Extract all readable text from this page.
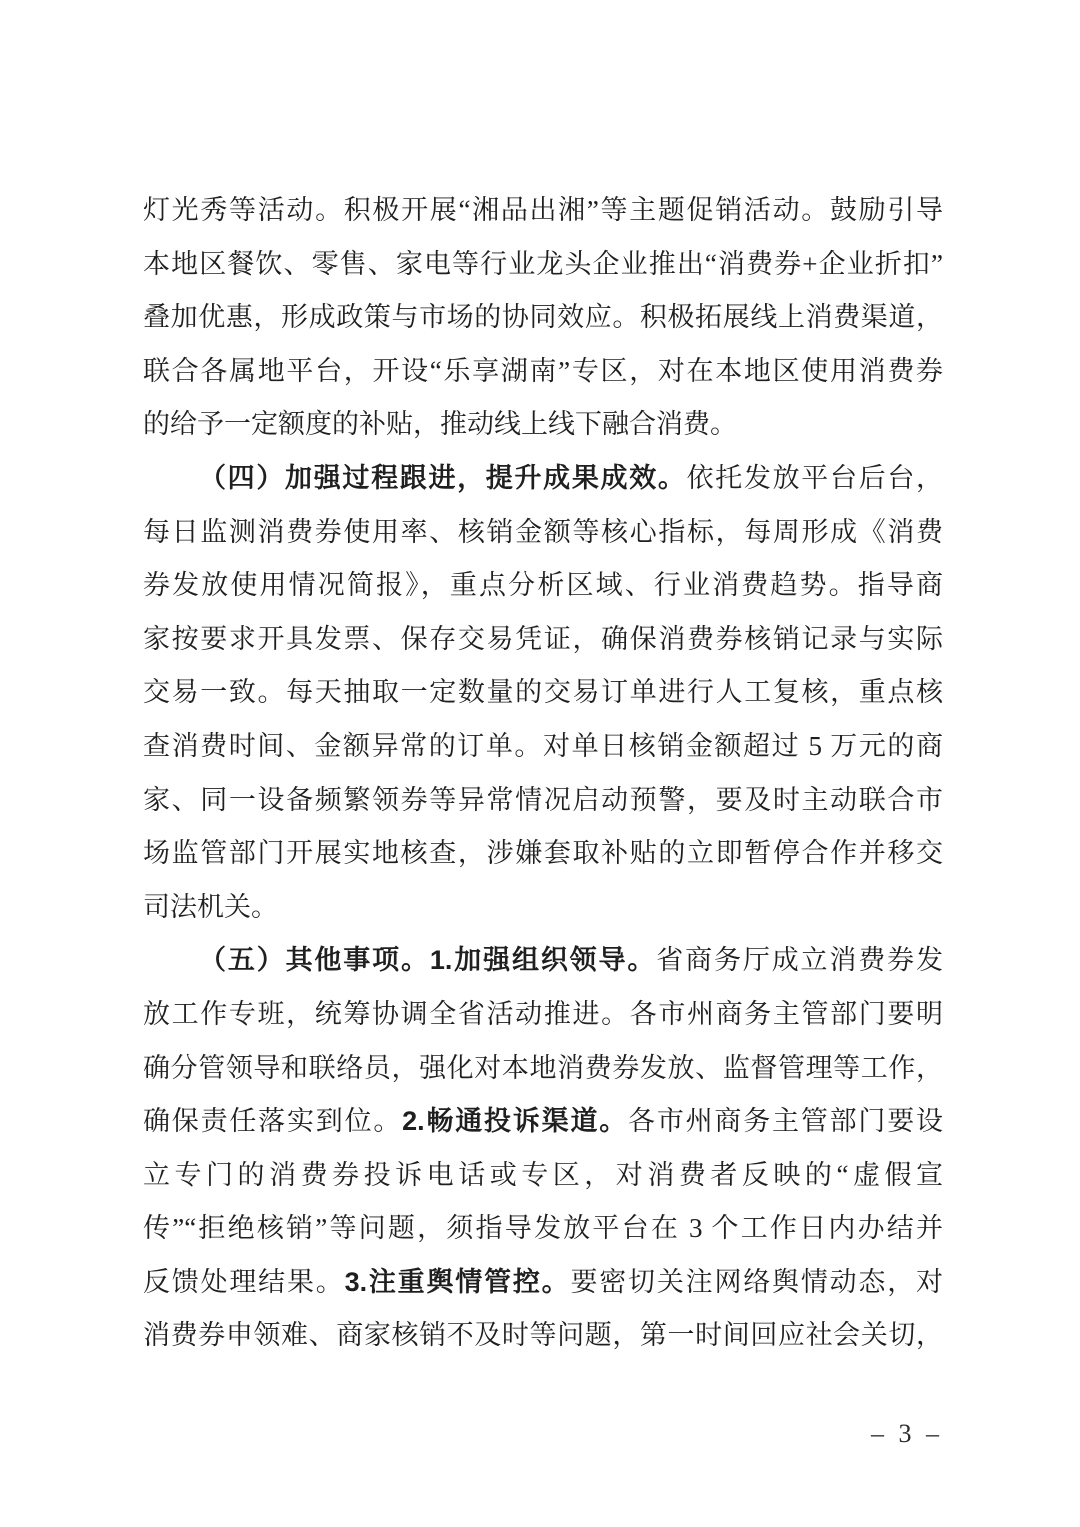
灯光秀等活动。积极开展“湘品出湘”等主题促销活动。鼓励引导
本地区餐饮、零售、家电等行业龙头企业推出“消费券+企业折扣”
叠加优惠，形成政策与市场的协同效应。积极拓展线上消费渠道，
联合各属地平台，开设“乐享湖南”专区，对在本地区使用消费券
的给予一定额度的补贴，推动线上线下融合消费。
（四）加强过程跟进，提升成果成效。依托发放平台后台，
每日监测消费券使用率、核销金额等核心指标，每周形成《消费
券发放使用情况简报》，重点分析区域、行业消费趋势。指导商
家按要求开具发票、保存交易凭证，确保消费券核销记录与实际
交易一致。每天抽取一定数量的交易订单进行人工复核，重点核
查消费时间、金额异常的订单。对单日核销金额超过 5 万元的商
家、同一设备频繁领券等异常情况启动预警，要及时主动联合市
场监管部门开展实地核查，涉嫌套取补贴的立即暂停合作并移交
司法机关。
（五）其他事项。1.加强组织领导。省商务厅成立消费券发
放工作专班，统筹协调全省活动推进。各市州商务主管部门要明
确分管领导和联络员，强化对本地消费券发放、监督管理等工作，
确保责任落实到位。2.畅通投诉渠道。各市州商务主管部门要设
立专门的消费券投诉电话或专区，对消费者反映的“虚假宣
传”“拒绝核销”等问题，须指导发放平台在 3 个工作日内办结并
反馈处理结果。3.注重舆情管控。要密切关注网络舆情动态，对
消费券申领难、商家核销不及时等问题，第一时间回应社会关切，
– 3 –
